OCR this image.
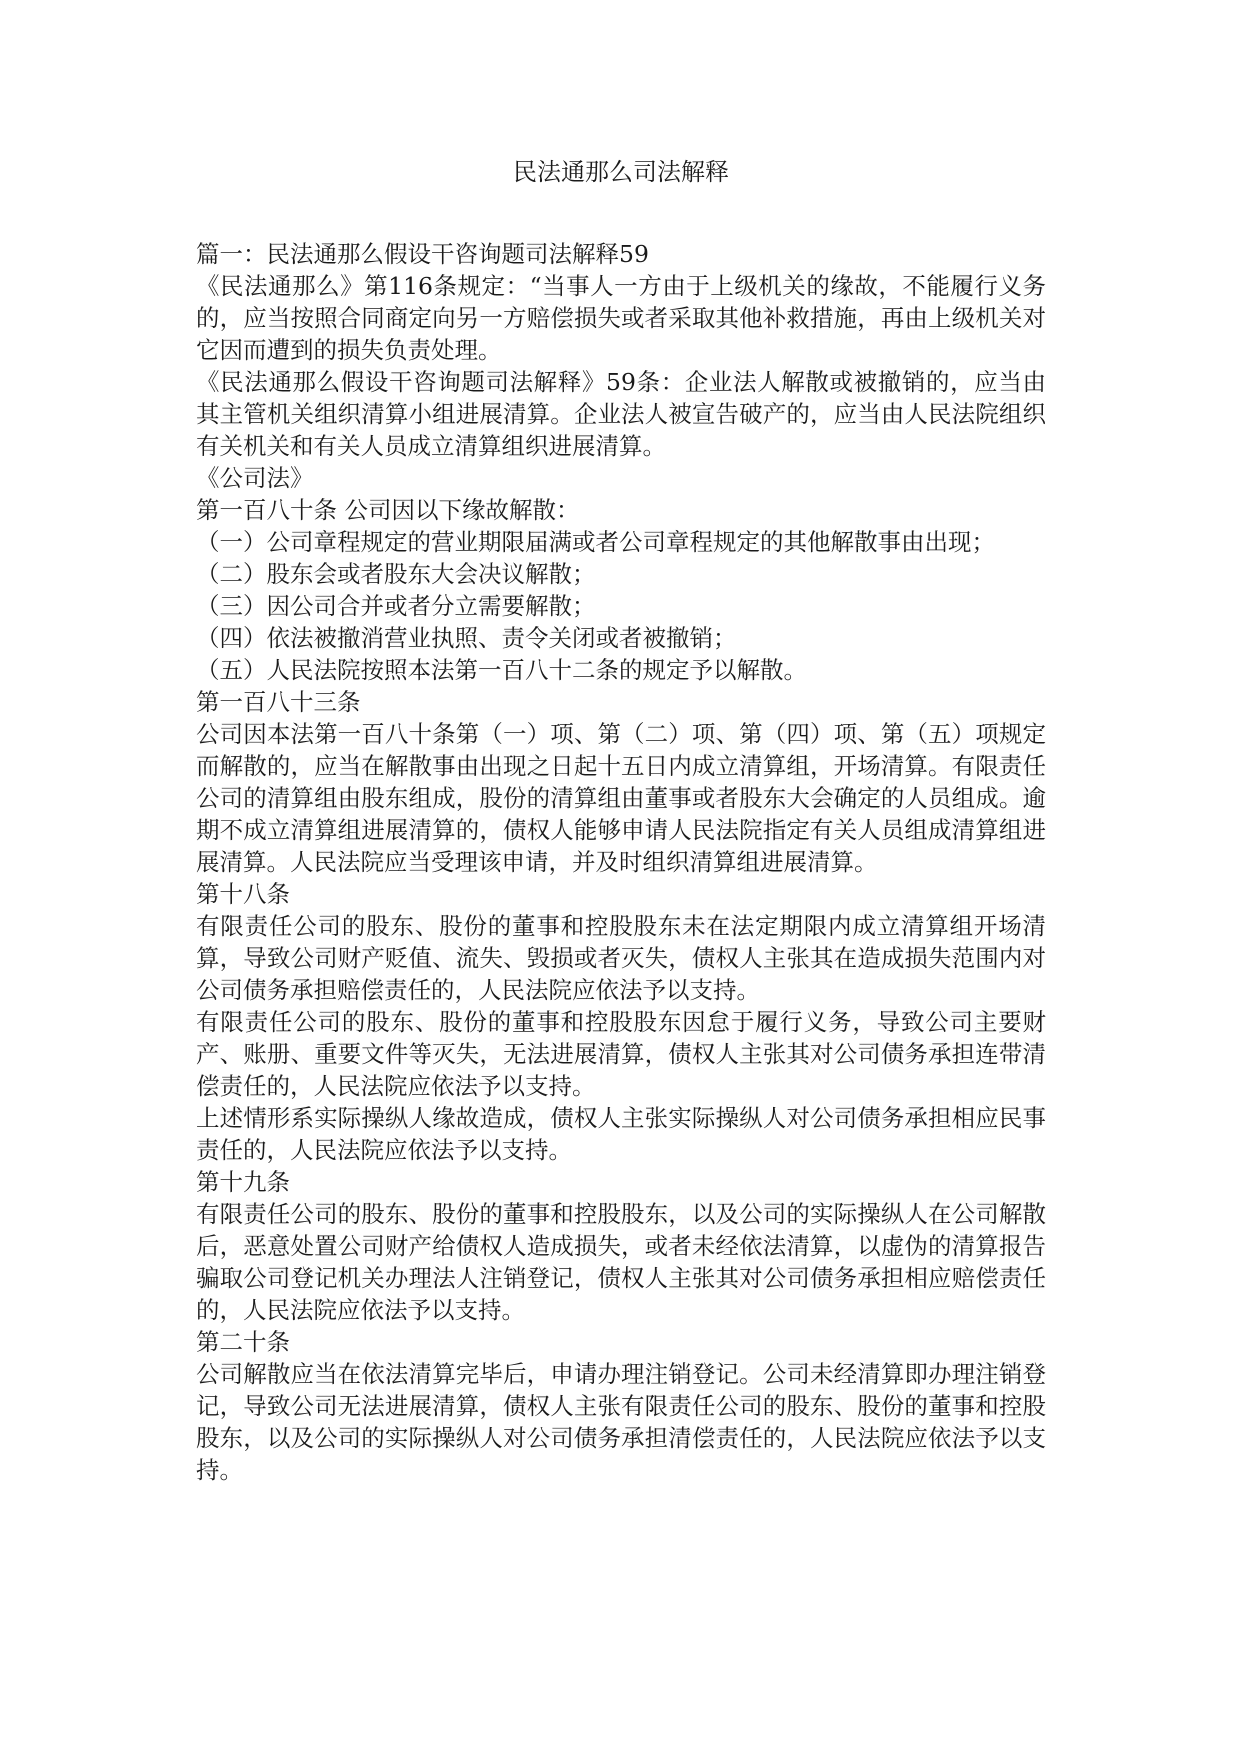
民法通那么司法解释

篇一：民法通那么假设干咨询题司法解释59

《民法通那么》第116条规定：“当事人一方由于上级机关的缘故，不能履行义务的，应当按照合同商定向另一方赔偿损失或者采取其他补救措施，再由上级机关对它因而遭到的损失负责处理。

《民法通那么假设干咨询题司法解释》59条：企业法人解散或被撤销的，应当由其主管机关组织清算小组进展清算。企业法人被宣告破产的，应当由人民法院组织有关机关和有关人员成立清算组织进展清算。

《公司法》

第一百八十条 公司因以下缘故解散：

（一）公司章程规定的营业期限届满或者公司章程规定的其他解散事由出现；

（二）股东会或者股东大会决议解散；

（三）因公司合并或者分立需要解散；

（四）依法被撤消营业执照、责令关闭或者被撤销；

（五）人民法院按照本法第一百八十二条的规定予以解散。

第一百八十三条

公司因本法第一百八十条第（一）项、第（二）项、第（四）项、第（五）项规定而解散的，应当在解散事由出现之日起十五日内成立清算组，开场清算。有限责任公司的清算组由股东组成，股份的清算组由董事或者股东大会确定的人员组成。逾期不成立清算组进展清算的，债权人能够申请人民法院指定有关人员组成清算组进展清算。人民法院应当受理该申请，并及时组织清算组进展清算。

第十八条

有限责任公司的股东、股份的董事和控股股东未在法定期限内成立清算组开场清算，导致公司财产贬值、流失、毁损或者灭失，债权人主张其在造成损失范围内对公司债务承担赔偿责任的，人民法院应依法予以支持。

有限责任公司的股东、股份的董事和控股股东因怠于履行义务，导致公司主要财产、账册、重要文件等灭失，无法进展清算，债权人主张其对公司债务承担连带清偿责任的，人民法院应依法予以支持。

上述情形系实际操纵人缘故造成，债权人主张实际操纵人对公司债务承担相应民事责任的，人民法院应依法予以支持。

第十九条

有限责任公司的股东、股份的董事和控股股东，以及公司的实际操纵人在公司解散后，恶意处置公司财产给债权人造成损失，或者未经依法清算，以虚伪的清算报告骗取公司登记机关办理法人注销登记，债权人主张其对公司债务承担相应赔偿责任的，人民法院应依法予以支持。

第二十条

公司解散应当在依法清算完毕后，申请办理注销登记。公司未经清算即办理注销登记，导致公司无法进展清算，债权人主张有限责任公司的股东、股份的董事和控股股东，以及公司的实际操纵人对公司债务承担清偿责任的，人民法院应依法予以支持。
